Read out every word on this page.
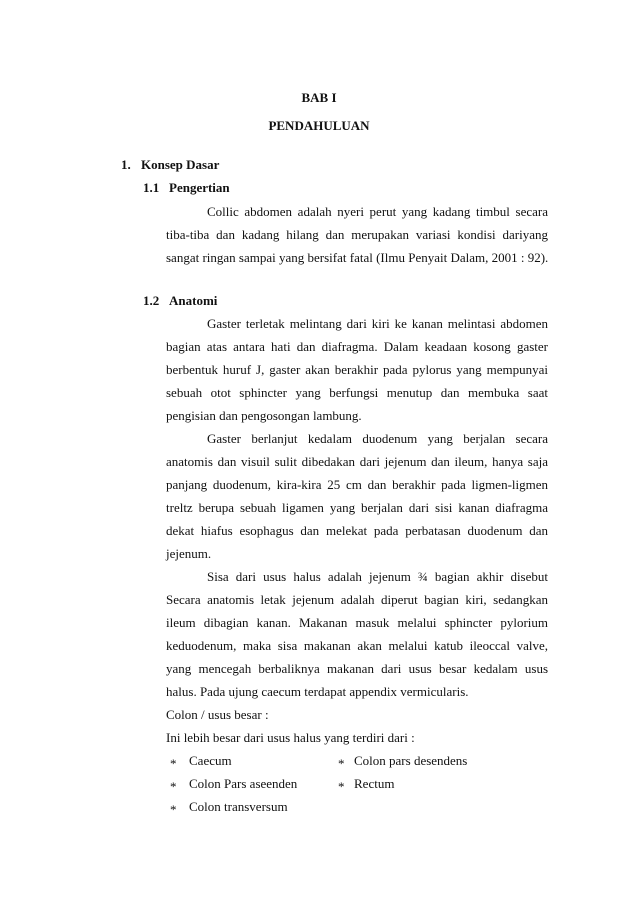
BAB I
PENDAHULUAN
1. Konsep Dasar
1.1 Pengertian
Collic abdomen adalah nyeri perut yang kadang timbul secara
tiba-tiba dan kadang hilang dan merupakan variasi kondisi dariyang
sangat ringan sampai yang bersifat fatal (Ilmu Penyait Dalam, 2001 : 92).
1.2 Anatomi
Gaster terletak melintang dari kiri ke kanan melintasi abdomen
bagian atas antara hati dan diafragma. Dalam keadaan kosong gaster
berbentuk huruf J, gaster akan berakhir pada pylorus yang mempunyai
sebuah otot sphincter yang berfungsi menutup dan membuka saat
pengisian dan pengosongan lambung.
Gaster berlanjut kedalam duodenum yang berjalan secara
anatomis dan visuil sulit dibedakan dari jejenum dan ileum, hanya saja
panjang duodenum, kira-kira 25 cm dan berakhir pada ligmen-ligmen
treltz berupa sebuah ligamen yang berjalan dari sisi kanan diafragma
dekat hiafus esophagus dan melekat pada perbatasan duodenum dan
jejenum.
Sisa dari usus halus adalah jejenum ¾ bagian akhir disebut
Secara anatomis letak jejenum adalah diperut bagian kiri, sedangkan
ileum dibagian kanan. Makanan masuk melalui sphincter pylorium
keduodenum, maka sisa makanan akan melalui katub ileoccal valve,
yang mencegah berbaliknya makanan dari usus besar kedalam usus
halus. Pada ujung caecum terdapat appendix vermicularis.
Colon / usus besar :
Ini lebih besar dari usus halus yang terdiri dari :
* Caecum	* Colon pars desendens
* Colon Pars aseenden	* Rectum
* Colon transversum
